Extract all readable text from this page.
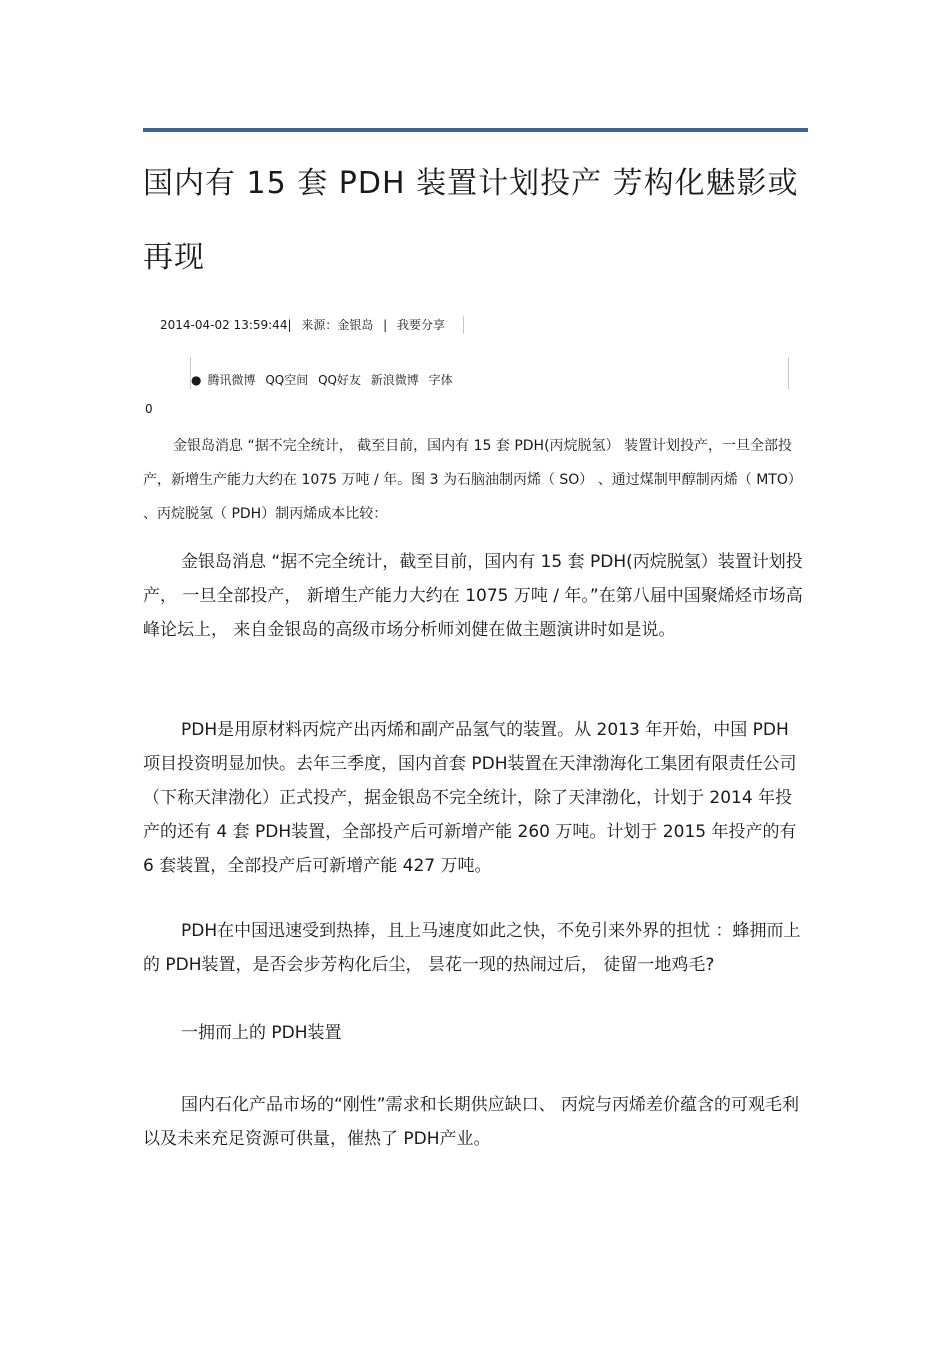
国内有 15 套 PDH 装置计划投产 芳构化魅影或
再现
2014-04-02 13:59:44| 来源：金银岛 | 我要分享
● 腾讯微博 QQ空间 QQ好友 新浪微博 字体
0
金银岛消息 “据不完全统计， 截至目前，国内有 15 套 PDH(丙烷脱氢） 装置计划投产，一旦全部投产，新增生产能力大约在 1075 万吨 / 年。图 3 为石脑油制丙烯（ SO） 、通过煤制甲醇制丙烯（ MTO） 、丙烷脱氢（ PDH）制丙烯成本比较：
金银岛消息 “据不完全统计，截至目前，国内有 15 套 PDH(丙烷脱氢）装置计划投产， 一旦全部投产， 新增生产能力大约在 1075 万吨 / 年。”在第八届中国聚烯烃市场高峰论坛上， 来自金银岛的高级市场分析师刘健在做主题演讲时如是说。
PDH是用原材料丙烷产出丙烯和副产品氢气的装置。从 2013 年开始，中国 PDH项目投资明显加快。去年三季度，国内首套 PDH装置在天津渤海化工集团有限责任公司（下称天津渤化）正式投产，据金银岛不完全统计，除了天津渤化，计划于 2014 年投产的还有 4 套 PDH装置，全部投产后可新增产能 260 万吨。计划于 2015 年投产的有 6 套装置，全部投产后可新增产能 427 万吨。
PDH在中国迅速受到热捧，且上马速度如此之快，不免引来外界的担忧 ：蜂拥而上的 PDH装置，是否会步芳构化后尘， 昙花一现的热闹过后， 徒留一地鸡毛?
一拥而上的 PDH装置
国内石化产品市场的“刚性”需求和长期供应缺口、 丙烷与丙烯差价蕴含的可观毛利以及未来充足资源可供量，催热了 PDH产业。
